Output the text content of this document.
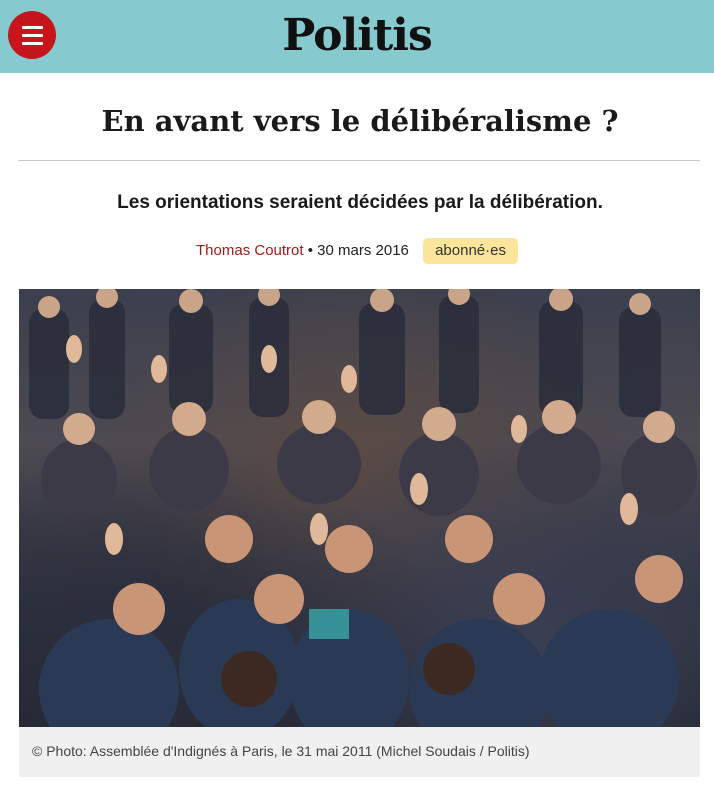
Politis
En avant vers le délibéralisme ?
Les orientations seraient décidées par la délibération.
Thomas Coutrot • 30 mars 2016 abonné·es
© Photo: Assemblée d'Indignés à Paris, le 31 mai 2011 (Michel Soudais / Politis)
